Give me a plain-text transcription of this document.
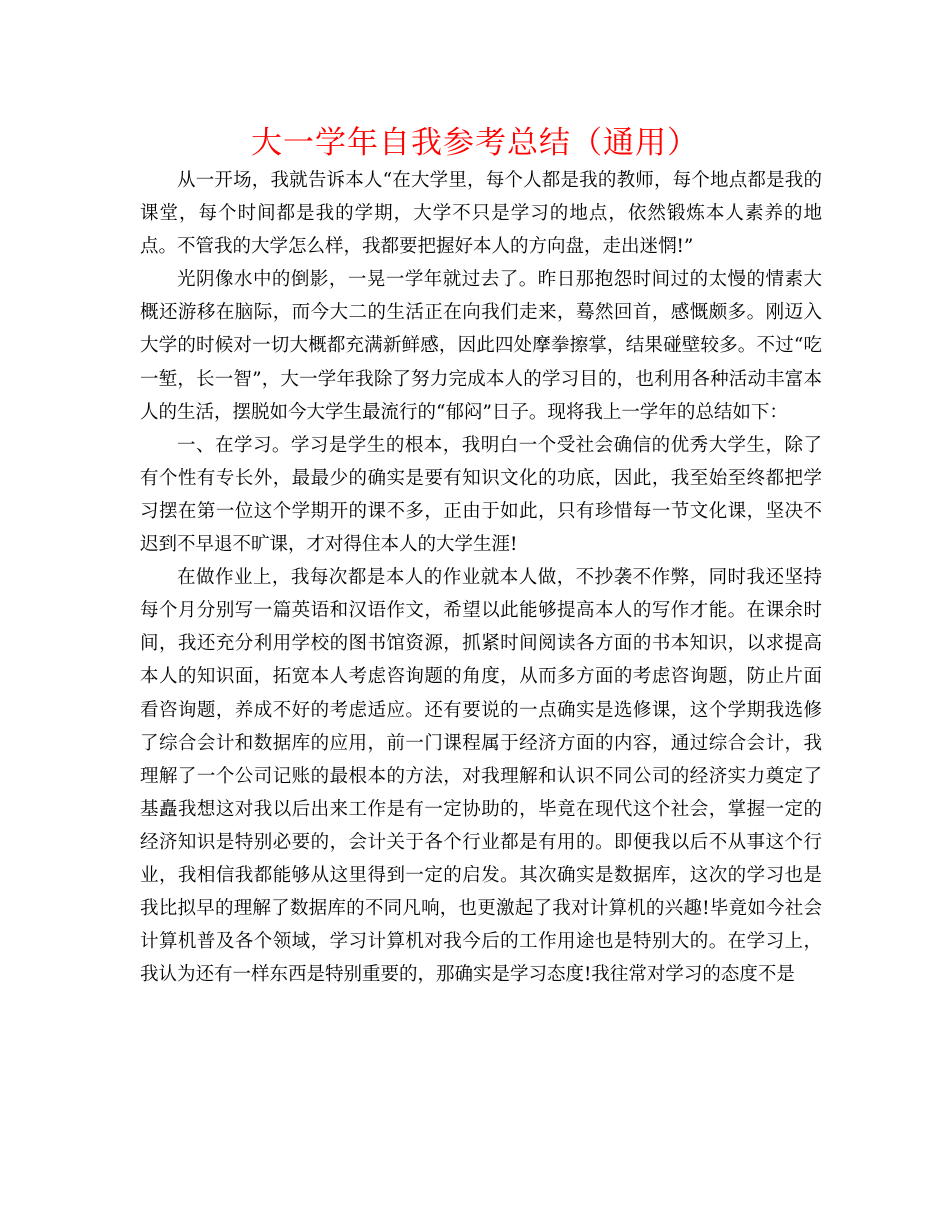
大一学年自我参考总结（通用）

从一开场，我就告诉本人“在大学里，每个人都是我的教师，每个地点都是我的课堂，每个时间都是我的学期，大学不只是学习的地点，依然锻炼本人素养的地点。不管我的大学怎么样，我都要把握好本人的方向盘，走出迷惘!”

光阴像水中的倒影，一晃一学年就过去了。昨日那抱怨时间过的太慢的情素大概还游移在脑际，而今大二的生活正在向我们走来，蓦然回首，感慨颇多。刚迈入大学的时候对一切大概都充满新鲜感，因此四处摩拳擦掌，结果碰壁较多。不过“吃一堑，长一智”，大一学年我除了努力完成本人的学习目的，也利用各种活动丰富本人的生活，摆脱如今大学生最流行的“郁闷”日子。现将我上一学年的总结如下：

一、在学习。学习是学生的根本，我明白一个受社会确信的优秀大学生，除了有个性有专长外，最最少的确实是要有知识文化的功底，因此，我至始至终都把学习摆在第一位这个学期开的课不多，正由于如此，只有珍惜每一节文化课，坚决不迟到不早退不旷课，才对得住本人的大学生涯!

在做作业上，我每次都是本人的作业就本人做，不抄袭不作弊，同时我还坚持每个月分别写一篇英语和汉语作文，希望以此能够提高本人的写作才能。在课余时间，我还充分利用学校的图书馆资源，抓紧时间阅读各方面的书本知识，以求提高本人的知识面，拓宽本人考虑咨询题的角度，从而多方面的考虑咨询题，防止片面看咨询题，养成不好的考虑适应。还有要说的一点确实是选修课，这个学期我选修了综合会计和数据库的应用，前一门课程属于经济方面的内容，通过综合会计，我理解了一个公司记账的最根本的方法，对我理解和认识不同公司的经济实力奠定了基矗我想这对我以后出来工作是有一定协助的，毕竟在现代这个社会，掌握一定的经济知识是特别必要的，会计关于各个行业都是有用的。即便我以后不从事这个行业，我相信我都能够从这里得到一定的启发。其次确实是数据库，这次的学习也是我比拟早的理解了数据库的不同凡响，也更激起了我对计算机的兴趣!毕竟如今社会计算机普及各个领域，学习计算机对我今后的工作用途也是特别大的。在学习上，我认为还有一样东西是特别重要的，那确实是学习态度!我往常对学习的态度不是
